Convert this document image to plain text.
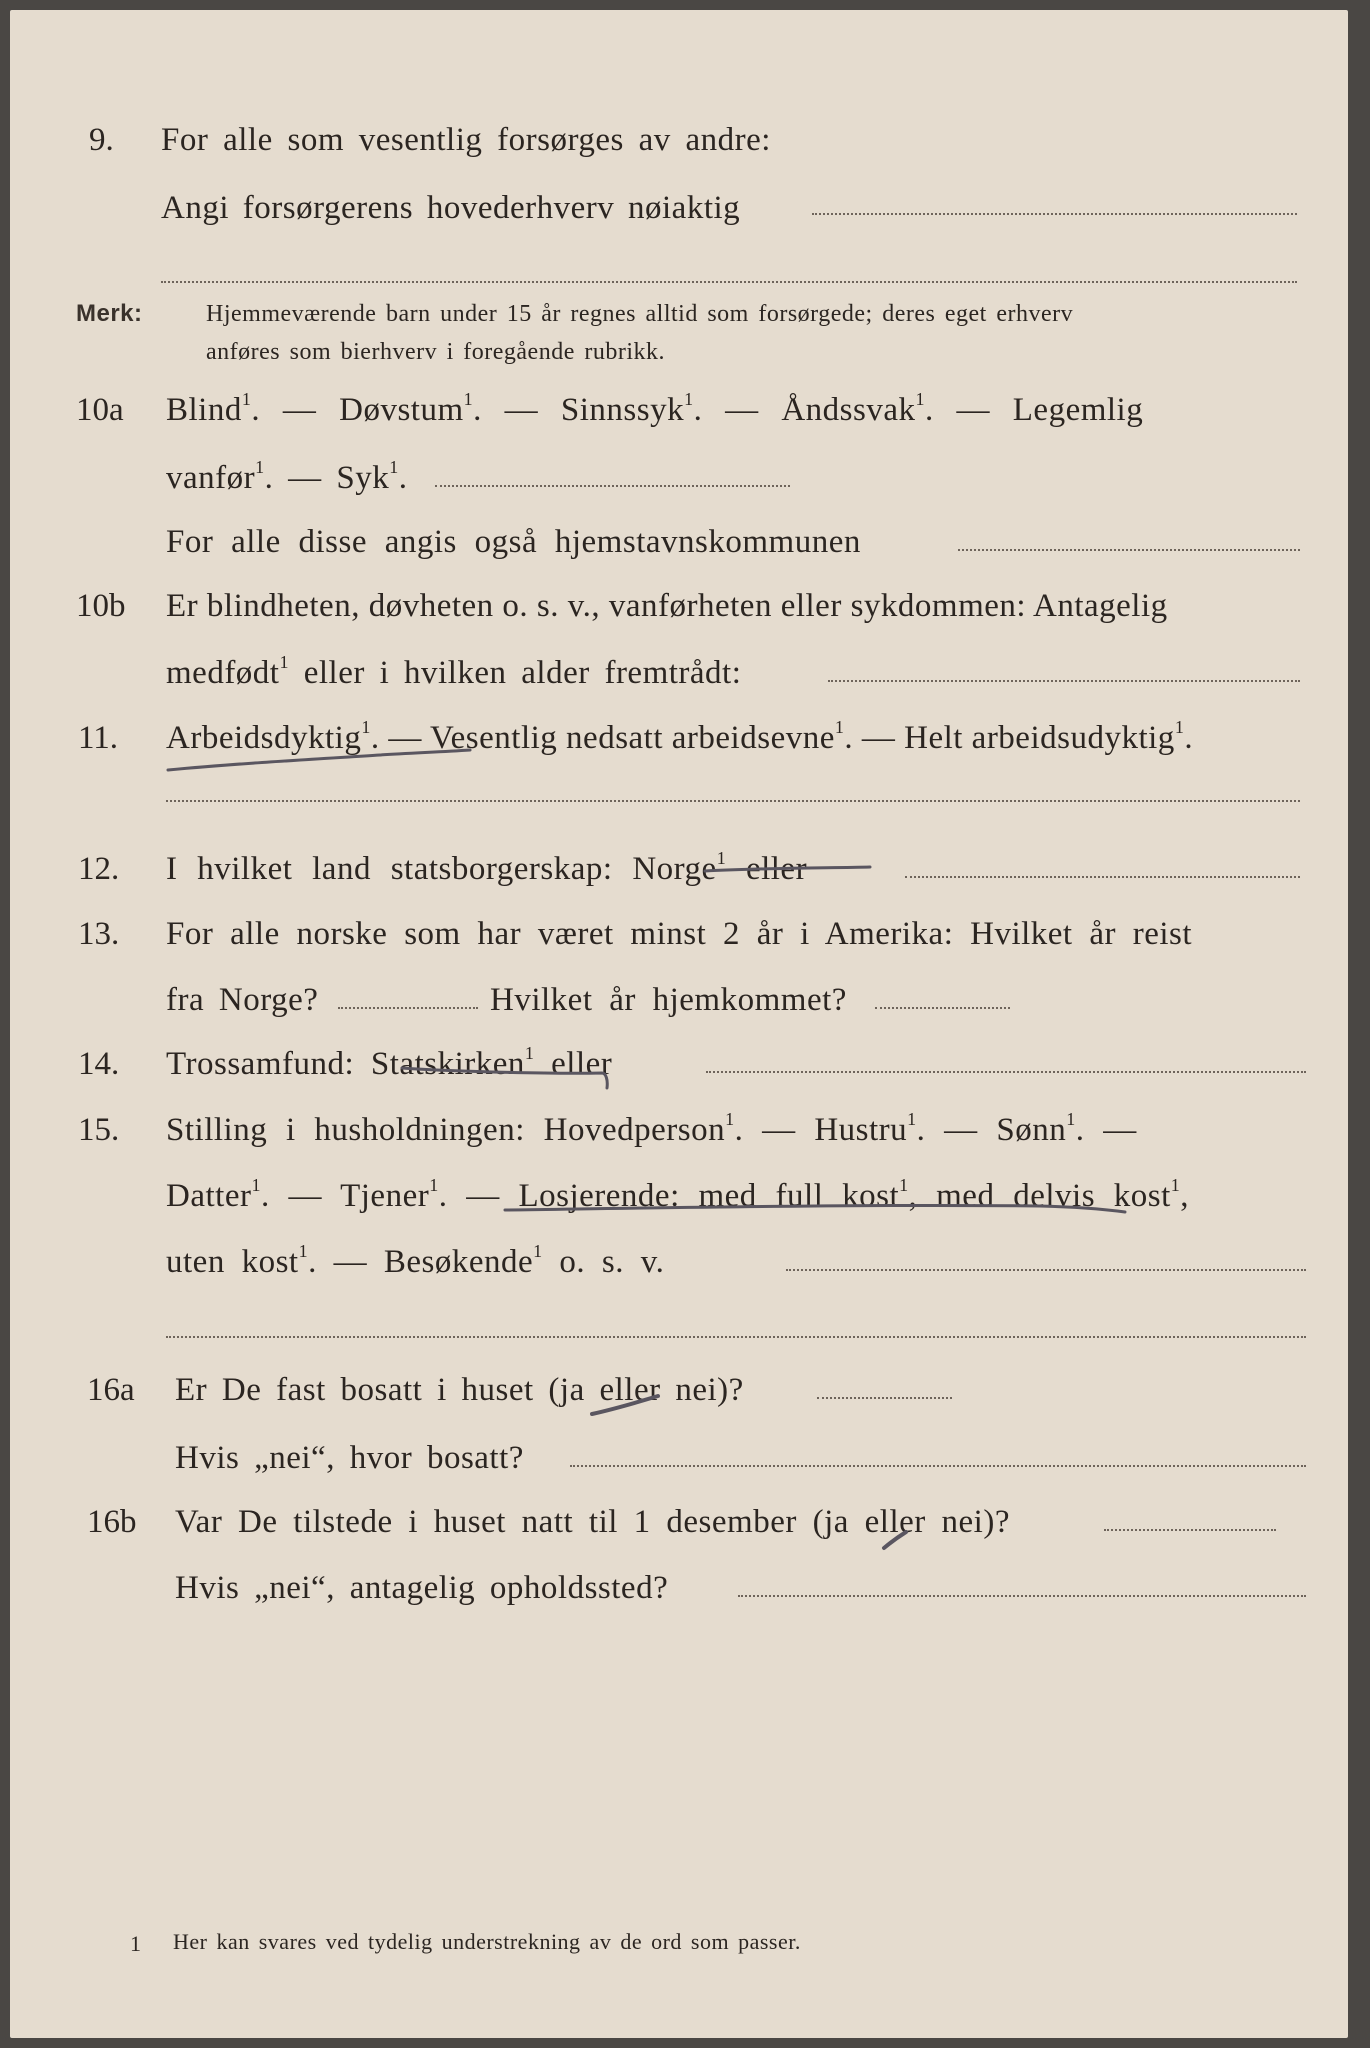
9. For alle som vesentlig forsørges av andre:
Angi forsørgerens hovederhverv nøiaktig
Merk:	Hjemmeværende barn under 15 år regnes alltid som forsørgede; deres eget erhverv
anføres som bierhverv i foregående rubrikk.
10a Blind$^1$. — Døvstum$^1$. — Sinnssyk$^1$. — Åndssvak$^1$. — Legemlig
vanfør$^1$. — Syk$^1$.
For alle disse angis også hjemstavnskommunen
10b Er blindheten, døvheten o. s. v., vanførheten eller sykdommen: Antagelig
medfødt$^1$ eller i hvilken alder fremtrådt:
11. Arbeidsdyktig$^1$. — Vesentlig nedsatt arbeidsevne$^1$. — Helt arbeidsudyktig$^1$.
12. I hvilket land statsborgerskap: Norge$^1$ eller
13. For alle norske som har været minst 2 år i Amerika: Hvilket år reist
fra Norge?	Hvilket år hjemkommet?
14. Trossamfund: Statskirken$^1$ eller
15. Stilling i husholdningen: Hovedperson$^1$. — Hustru$^1$. — Sønn$^1$. —
Datter$^1$. — Tjener$^1$. — Losjerende: med full kost$^1$, med delvis kost$^1$,
uten kost$^1$. — Besøkende$^1$ o. s. v.
16a Er De fast bosatt i huset (ja eller nei)?
Hvis „nei“, hvor bosatt?
16b Var De tilstede i huset natt til 1 desember (ja eller nei)?
Hvis „nei“, antagelig opholdssted?
1 Her kan svares ved tydelig understrekning av de ord som passer.
